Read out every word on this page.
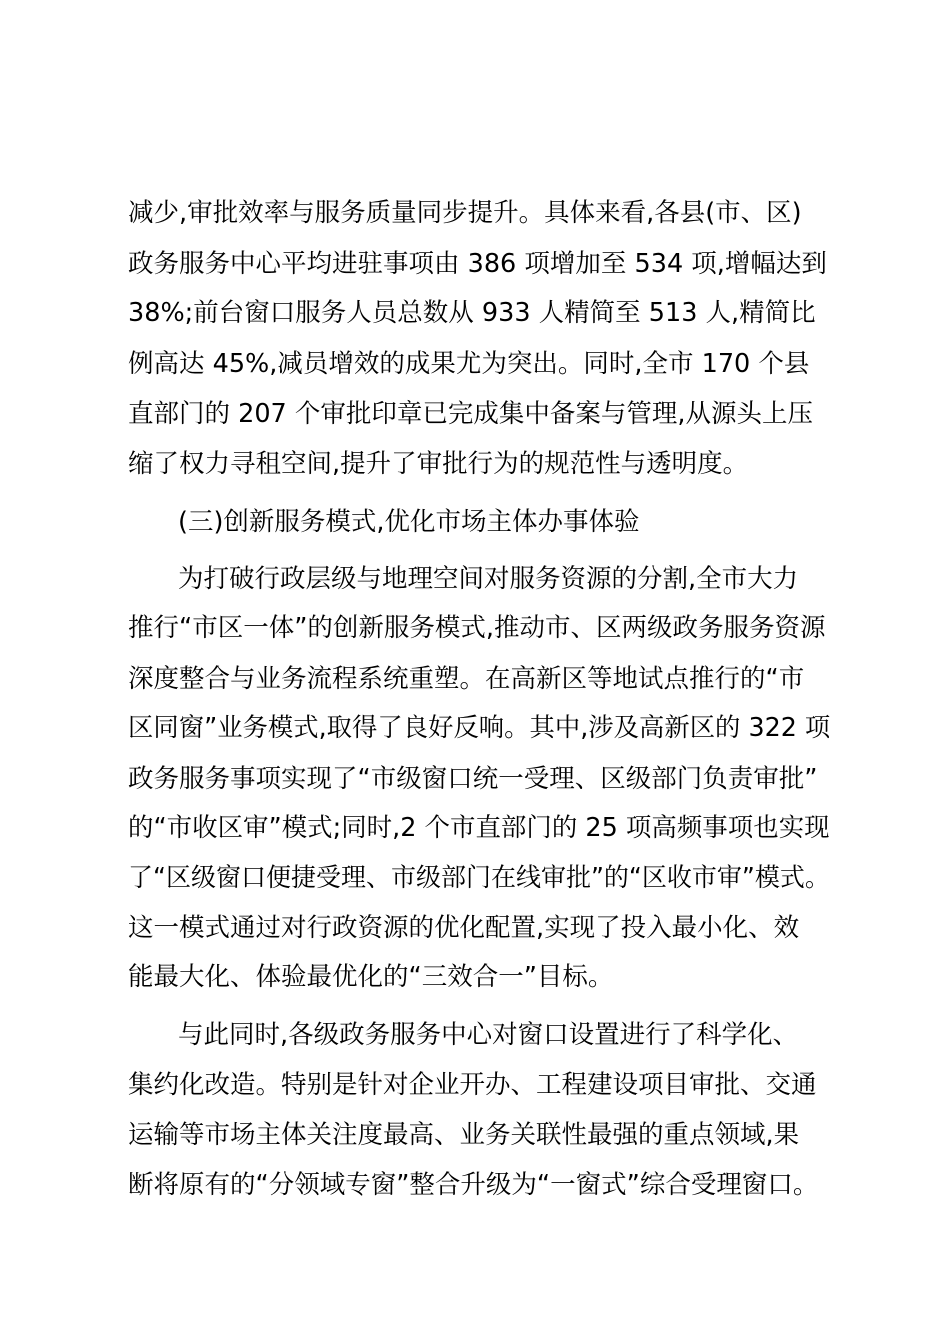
减少,审批效率与服务质量同步提升。具体来看,各县(市、区)
政务服务中心平均进驻事项由 386 项增加至 534 项,增幅达到
38%;前台窗口服务人员总数从 933 人精简至 513 人,精简比
例高达 45%,减员增效的成果尤为突出。同时,全市 170 个县
直部门的 207 个审批印章已完成集中备案与管理,从源头上压
缩了权力寻租空间,提升了审批行为的规范性与透明度。
(三)创新服务模式,优化市场主体办事体验
为打破行政层级与地理空间对服务资源的分割,全市大力
推行“市区一体”的创新服务模式,推动市、区两级政务服务资源
深度整合与业务流程系统重塑。在高新区等地试点推行的“市
区同窗”业务模式,取得了良好反响。其中,涉及高新区的 322 项
政务服务事项实现了“市级窗口统一受理、区级部门负责审批”
的“市收区审”模式;同时,2 个市直部门的 25 项高频事项也实现
了“区级窗口便捷受理、市级部门在线审批”的“区收市审”模式。
这一模式通过对行政资源的优化配置,实现了投入最小化、效
能最大化、体验最优化的“三效合一”目标。
与此同时,各级政务服务中心对窗口设置进行了科学化、
集约化改造。特别是针对企业开办、工程建设项目审批、交通
运输等市场主体关注度最高、业务关联性最强的重点领域,果
断将原有的“分领域专窗”整合升级为“一窗式”综合受理窗口。
